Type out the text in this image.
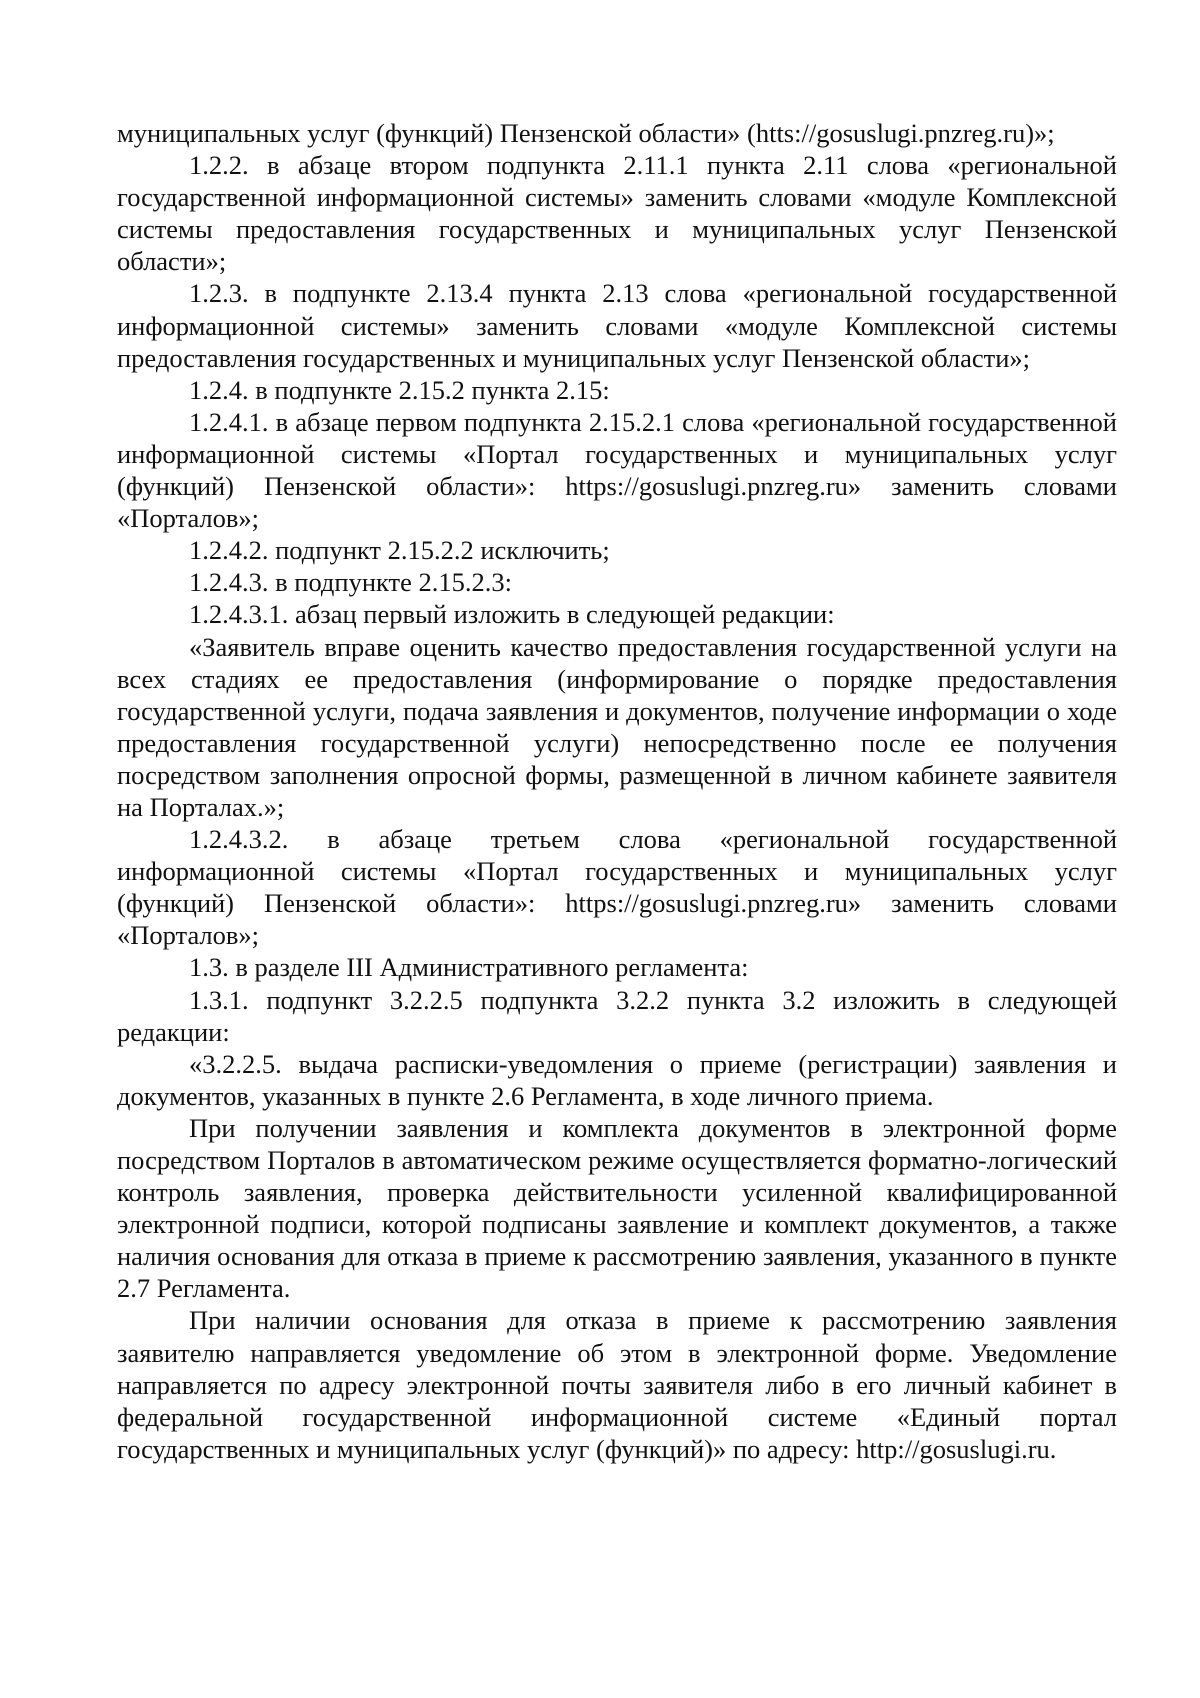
муниципальных услуг (функций) Пензенской области» (htts://gosuslugi.pnzreg.ru)»;

1.2.2. в абзаце втором подпункта 2.11.1 пункта 2.11 слова «региональной государственной информационной системы» заменить словами «модуле Комплексной системы предоставления государственных и муниципальных услуг Пензенской области»;

1.2.3. в подпункте 2.13.4 пункта 2.13 слова «региональной государственной информационной системы» заменить словами «модуле Комплексной системы предоставления государственных и муниципальных услуг Пензенской области»;

1.2.4. в подпункте 2.15.2 пункта 2.15:

1.2.4.1. в абзаце первом подпункта 2.15.2.1 слова «региональной государственной информационной системы «Портал государственных и муниципальных услуг (функций) Пензенской области»: https://gosuslugi.pnzreg.ru» заменить словами «Порталов»;

1.2.4.2. подпункт 2.15.2.2 исключить;

1.2.4.3. в подпункте 2.15.2.3:

1.2.4.3.1. абзац первый изложить в следующей редакции:

«Заявитель вправе оценить качество предоставления государственной услуги на всех стадиях ее предоставления (информирование о порядке предоставления государственной услуги, подача заявления и документов, получение информации о ходе предоставления государственной услуги) непосредственно после ее получения посредством заполнения опросной формы, размещенной в личном кабинете заявителя на Порталах.»;

1.2.4.3.2. в абзаце третьем слова «региональной государственной информационной системы «Портал государственных и муниципальных услуг (функций) Пензенской области»: https://gosuslugi.pnzreg.ru» заменить словами «Порталов»;

1.3. в разделе III Административного регламента:

1.3.1. подпункт 3.2.2.5 подпункта 3.2.2 пункта 3.2 изложить в следующей редакции:

«3.2.2.5. выдача расписки-уведомления о приеме (регистрации) заявления и документов, указанных в пункте 2.6 Регламента, в ходе личного приема.

При получении заявления и комплекта документов в электронной форме посредством Порталов в автоматическом режиме осуществляется форматно-логический контроль заявления, проверка действительности усиленной квалифицированной электронной подписи, которой подписаны заявление и комплект документов, а также наличия основания для отказа в приеме к рассмотрению заявления, указанного в пункте 2.7 Регламента.

При наличии основания для отказа в приеме к рассмотрению заявления заявителю направляется уведомление об этом в электронной форме. Уведомление направляется по адресу электронной почты заявителя либо в его личный кабинет в федеральной государственной информационной системе «Единый портал государственных и муниципальных услуг (функций)» по адресу: http://gosuslugi.ru.
